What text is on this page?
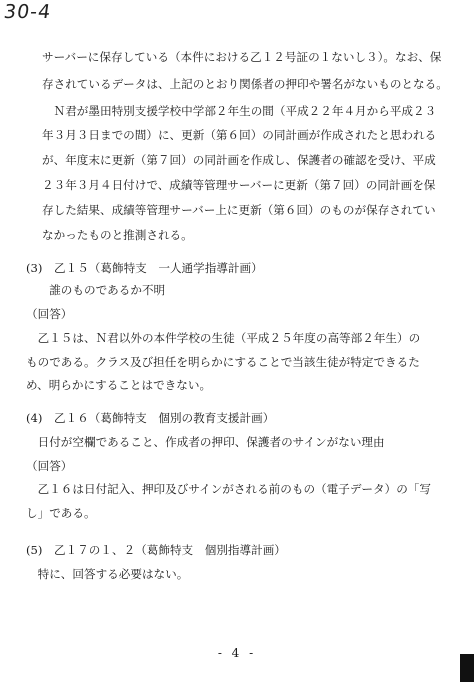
30-4
サーバーに保存している（本件における乙１２号証の１ないし３）。なお、保
存されているデータは、上記のとおり関係者の押印や署名がないものとなる。
　Ｎ君が墨田特別支援学校中学部２年生の間（平成２２年４月から平成２３
年３月３日までの間）に、更新（第６回）の同計画が作成されたと思われる
が、年度末に更新（第７回）の同計画を作成し、保護者の確認を受け、平成
２３年３月４日付けで、成績等管理サーバーに更新（第７回）の同計画を保
存した結果、成績等管理サーバー上に更新（第６回）のものが保存されてい
なかったものと推測される。
(3)　乙１５（葛飾特支　一人通学指導計画）
　　誰のものであるか不明
（回答）
　乙１５は、Ｎ君以外の本件学校の生徒（平成２５年度の高等部２年生）の
ものである。クラス及び担任を明らかにすることで当該生徒が特定できるた
め、明らかにすることはできない。
(4)　乙１６（葛飾特支　個別の教育支援計画）
　日付が空欄であること、作成者の押印、保護者のサインがない理由
（回答）
　乙１６は日付記入、押印及びサインがされる前のもの（電子データ）の「写
し」である。
(5)　乙１７の１、２（葛飾特支　個別指導計画）
　特に、回答する必要はない。
- 4 -
